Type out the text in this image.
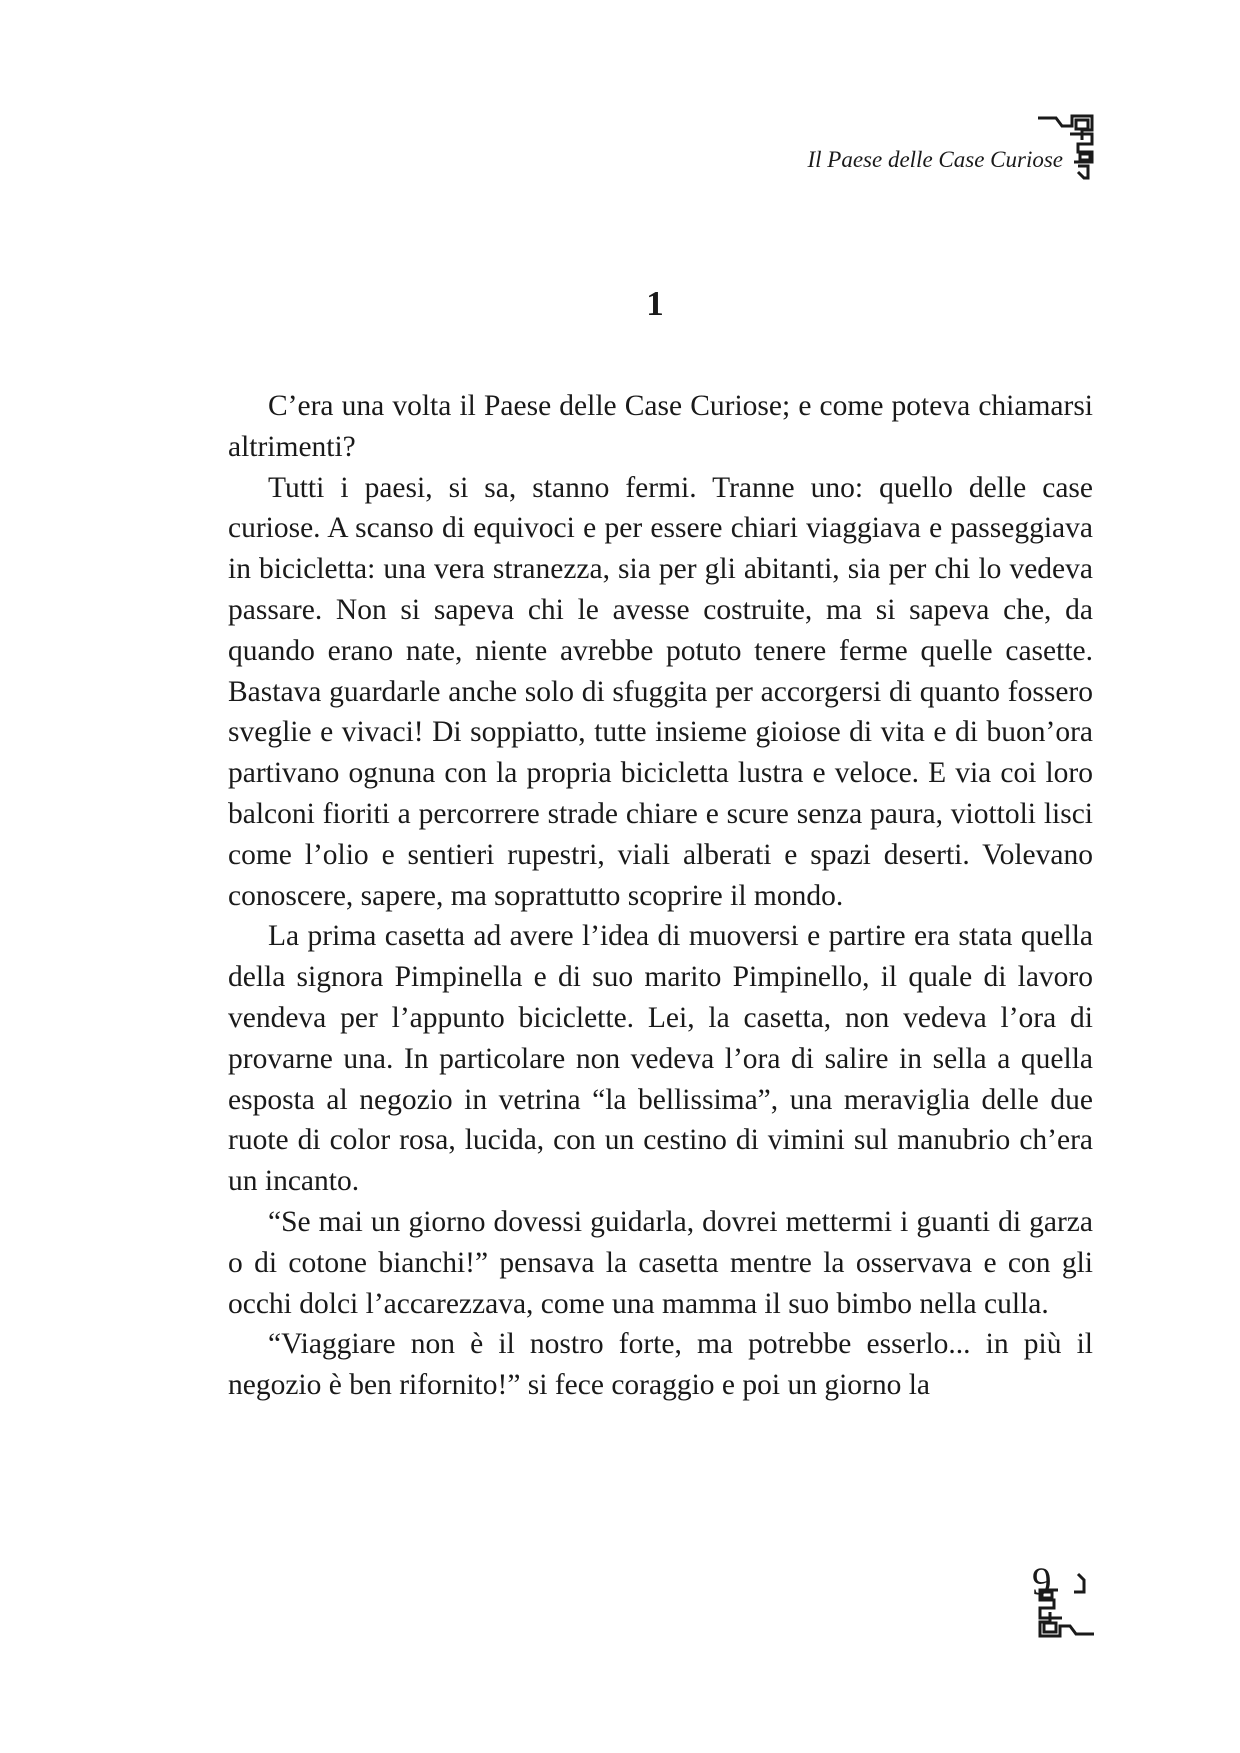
Il Paese delle Case Curiose
1

C’era una volta il Paese delle Case Curiose; e come poteva chiamarsi altrimenti?

Tutti i paesi, si sa, stanno fermi. Tranne uno: quello delle case curiose. A scanso di equivoci e per essere chiari viaggiava e passeggiava in bicicletta: una vera stranezza, sia per gli abitanti, sia per chi lo vedeva passare. Non si sapeva chi le avesse costruite, ma si sapeva che, da quando erano nate, niente avrebbe potuto tenere ferme quelle casette. Bastava guardarle anche solo di sfuggita per accorgersi di quanto fossero sveglie e vivaci! Di soppiatto, tutte insieme gioiose di vita e di buon’ora partivano ognuna con la propria bicicletta lustra e veloce. E via coi loro balconi fioriti a percorrere strade chiare e scure senza paura, viottoli lisci come l’olio e sentieri rupestri, viali alberati e spazi deserti. Volevano conoscere, sapere, ma soprattutto scoprire il mondo.

La prima casetta ad avere l’idea di muoversi e partire era stata quella della signora Pimpinella e di suo marito Pimpinello, il quale di lavoro vendeva per l’appunto biciclette. Lei, la casetta, non vedeva l’ora di provarne una. In particolare non vedeva l’ora di salire in sella a quella esposta al negozio in vetrina “la bellissima”, una meraviglia delle due ruote di color rosa, lucida, con un cestino di vimini sul manubrio ch’era un incanto.

“Se mai un giorno dovessi guidarla, dovrei mettermi i guanti di garza o di cotone bianchi!” pensava la casetta mentre la osservava e con gli occhi dolci l’accarezzava, come una mamma il suo bimbo nella culla.

“Viaggiare non è il nostro forte, ma potrebbe esserlo... in più il negozio è ben rifornito!” si fece coraggio e poi un giorno la

9
